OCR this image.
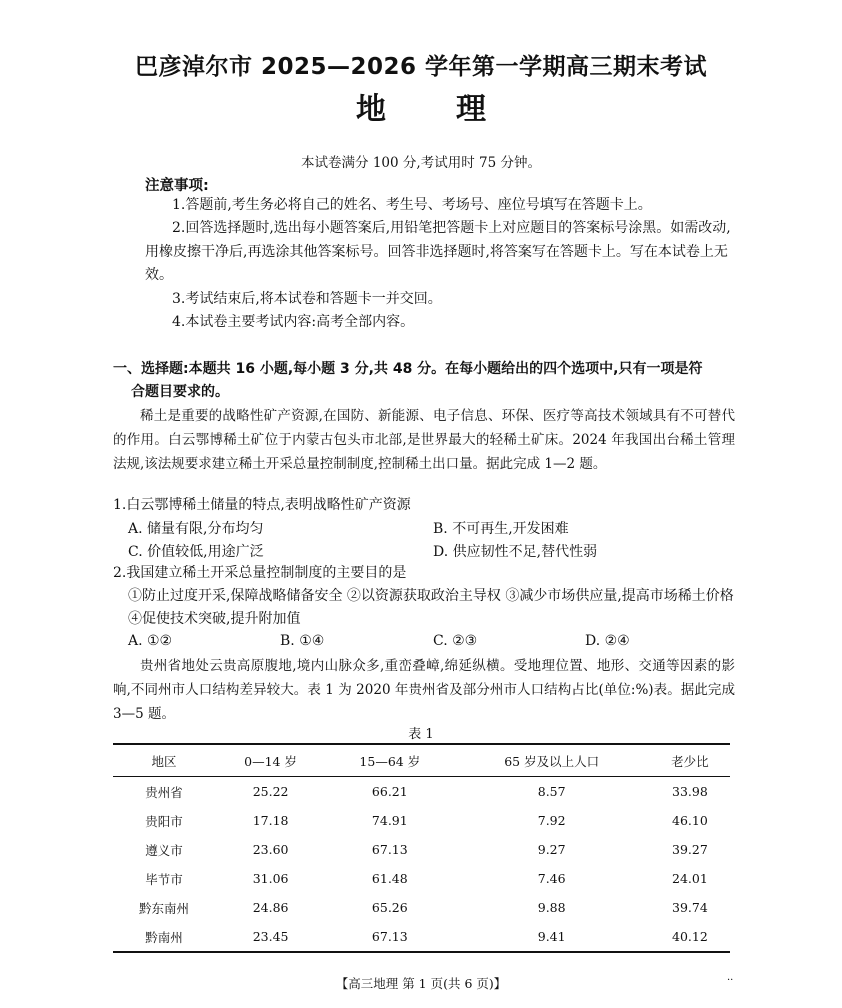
巴彦淖尔市 2025—2026 学年第一学期高三期末考试
地 理
本试卷满分 100 分,考试用时 75 分钟。
注意事项:
1.答题前,考生务必将自己的姓名、考生号、考场号、座位号填写在答题卡上。
2.回答选择题时,选出每小题答案后,用铅笔把答题卡上对应题目的答案标号涂黑。如需改动,用橡皮擦干净后,再选涂其他答案标号。回答非选择题时,将答案写在答题卡上。写在本试卷上无效。
3.考试结束后,将本试卷和答题卡一并交回。
4.本试卷主要考试内容:高考全部内容。
一、选择题:本题共 16 小题,每小题 3 分,共 48 分。在每小题给出的四个选项中,只有一项是符
合题目要求的。
稀土是重要的战略性矿产资源,在国防、新能源、电子信息、环保、医疗等高技术领域具有不可替代的作用。白云鄂博稀土矿位于内蒙古包头市北部,是世界最大的轻稀土矿床。2024 年我国出台稀土管理法规,该法规要求建立稀土开采总量控制制度,控制稀土出口量。据此完成 1—2 题。
1.白云鄂博稀土储量的特点,表明战略性矿产资源
A. 储量有限,分布均匀	B. 不可再生,开发困难
C. 价值较低,用途广泛	D. 供应韧性不足,替代性弱
2.我国建立稀土开采总量控制制度的主要目的是
①防止过度开采,保障战略储备安全 ②以资源获取政治主导权 ③减少市场供应量,提高市场稀土价格 ④促使技术突破,提升附加值
A. ①②	B. ①④	C. ②③	D. ②④
贵州省地处云贵高原腹地,境内山脉众多,重峦叠嶂,绵延纵横。受地理位置、地形、交通等因素的影响,不同州市人口结构差异较大。表 1 为 2020 年贵州省及部分州市人口结构占比(单位:%)表。据此完成 3—5 题。
表 1
地区	0—14 岁	15—64 岁	65 岁及以上人口	老少比
贵州省	25.22	66.21	8.57	33.98
贵阳市	17.18	74.91	7.92	46.10
遵义市	23.60	67.13	9.27	39.27
毕节市	31.06	61.48	7.46	24.01
黔东南州	24.86	65.26	9.88	39.74
黔南州	23.45	67.13	9.41	40.12
【高三地理 第 1 页(共 6 页)】	··
